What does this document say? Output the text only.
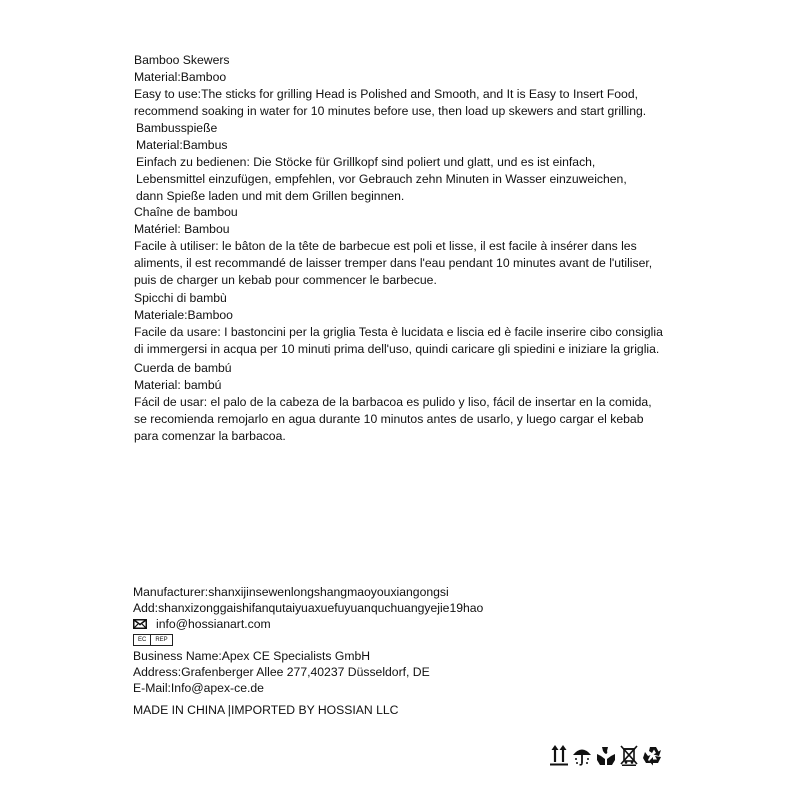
Bamboo Skewers
Material:Bamboo
Easy to use:The sticks for grilling Head is Polished and Smooth, and It is Easy to Insert Food,
recommend soaking in water for 10 minutes before use, then load up skewers and start grilling.
Bambusspieße
Material:Bambus
Einfach zu bedienen: Die Stöcke für Grillkopf sind poliert und glatt, und es ist einfach,
Lebensmittel einzufügen, empfehlen, vor Gebrauch zehn Minuten in Wasser einzuweichen,
dann Spieße laden und mit dem Grillen beginnen.
Chaîne de bambou
Matériel: Bambou
Facile à utiliser: le bâton de la tête de barbecue est poli et lisse, il est facile à insérer dans les
aliments, il est recommandé de laisser tremper dans l'eau pendant 10 minutes avant de l'utiliser,
puis de charger un kebab pour commencer le barbecue.
Spicchi di bambù
Materiale:Bamboo
Facile da usare: I bastoncini per la griglia Testa è lucidata e liscia ed è facile inserire cibo consiglia
di immergersi in acqua per 10 minuti prima dell'uso, quindi caricare gli spiedini e iniziare la griglia.
Cuerda de bambú
Material: bambú
Fácil de usar: el palo de la cabeza de la barbacoa es pulido y liso, fácil de insertar en la comida,
se recomienda remojarlo en agua durante 10 minutos antes de usarlo, y luego cargar el kebab
para comenzar la barbacoa.
Manufacturer:shanxijinsewenlongshangmaoyouxiangongsi
Add:shanxizonggaishifanqutaiyuaxuefuyuanquchuangyejie19hao
info@hossianart.com
EC	REP
Business Name:Apex CE Specialists GmbH
Address:Grafenberger Allee 277,40237 Düsseldorf, DE
E-Mail:Info@apex-ce.de
MADE IN CHINA |IMPORTED BY HOSSIAN LLC
